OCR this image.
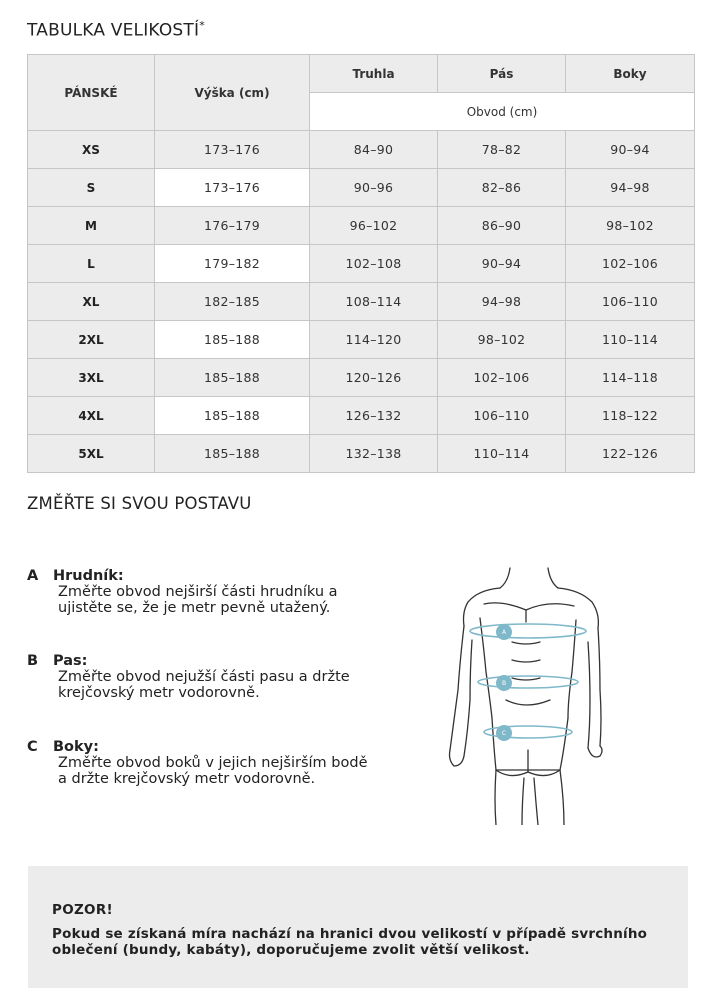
TABULKA VELIKOSTÍ*
PÁNSKÉ	Výška (cm)	Truhla	Pás	Boky
		Obvod (cm)		
XS	173–176	84–90	78–82	90–94
S	173–176	90–96	82–86	94–98
M	176–179	96–102	86–90	98–102
L	179–182	102–108	90–94	102–106
XL	182–185	108–114	94–98	106–110
2XL	185–188	114–120	98–102	110–114
3XL	185–188	120–126	102–106	114–118
4XL	185–188	126–132	106–110	118–122
5XL	185–188	132–138	110–114	122–126
ZMĚŘTE SI SVOU POSTAVU
A Hrudník:
Změřte obvod nejširší části hrudníku a ujistěte se, že je metr pevně utažený.
B Pas:
Změřte obvod nejužší části pasu a držte krejčovský metr vodorovně.
C Boky:
Změřte obvod boků v jejich nejširším bodě a držte krejčovský metr vodorovně.
A
B
C
POZOR!
Pokud se získaná míra nachází na hranici dvou velikostí v případě svrchního oblečení (bundy, kabáty), doporučujeme zvolit větší velikost.
